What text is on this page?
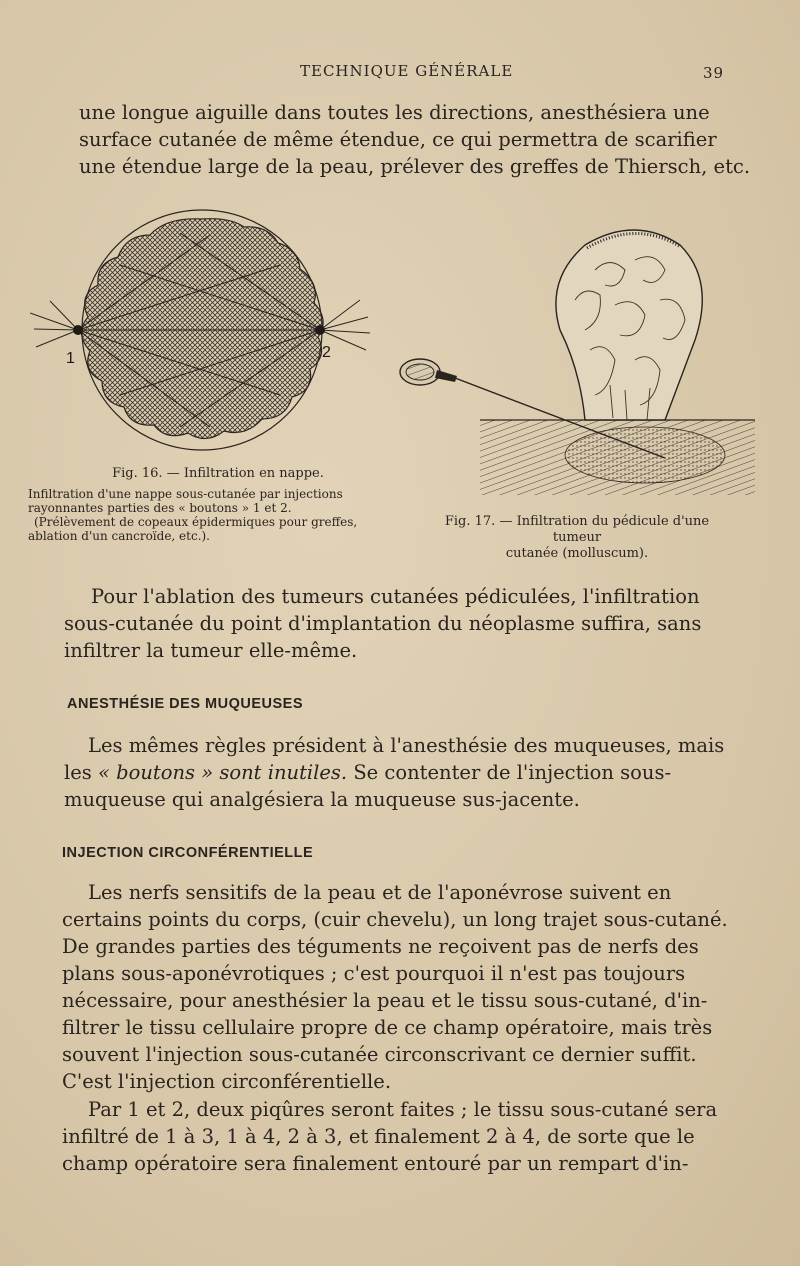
TECHNIQUE GÉNÉRALE	39

une longue aiguille dans toutes les directions, anesthésiera une
surface cutanée de même étendue, ce qui permettra de scarifier
une étendue large de la peau, prélever des greffes de Thiersch, etc.

1	2
Fig. 16. — Infiltration en nappe.
Infiltration d'une nappe sous-cutanée par injections
rayonnantes parties des « boutons » 1 et 2.
(Prélèvement de copeaux épidermiques pour greffes,
ablation d'un cancroïde, etc.).
Fig. 17. — Infiltration du pédicule d'une tumeur
cutanée (molluscum).

Pour l'ablation des tumeurs cutanées pédiculées, l'infiltration
sous-cutanée du point d'implantation du néoplasme suffira, sans
infiltrer la tumeur elle-même.

ANESTHÉSIE DES MUQUEUSES

Les mêmes règles président à l'anesthésie des muqueuses, mais
les « boutons » sont inutiles. Se contenter de l'injection sous-
muqueuse qui analgésiera la muqueuse sus-jacente.

INJECTION CIRCONFÉRENTIELLE

Les nerfs sensitifs de la peau et de l'aponévrose suivent en
certains points du corps, (cuir chevelu), un long trajet sous-cutané.
De grandes parties des téguments ne reçoivent pas de nerfs des
plans sous-aponévrotiques ; c'est pourquoi il n'est pas toujours
nécessaire, pour anesthésier la peau et le tissu sous-cutané, d'in-
filtrer le tissu cellulaire propre de ce champ opératoire, mais très
souvent l'injection sous-cutanée circonscrivant ce dernier suffit.
C'est l'injection circonférentielle.

Par 1 et 2, deux piqûres seront faites ; le tissu sous-cutané sera
infiltré de 1 à 3, 1 à 4, 2 à 3, et finalement 2 à 4, de sorte que le
champ opératoire sera finalement entouré par un rempart d'in-
